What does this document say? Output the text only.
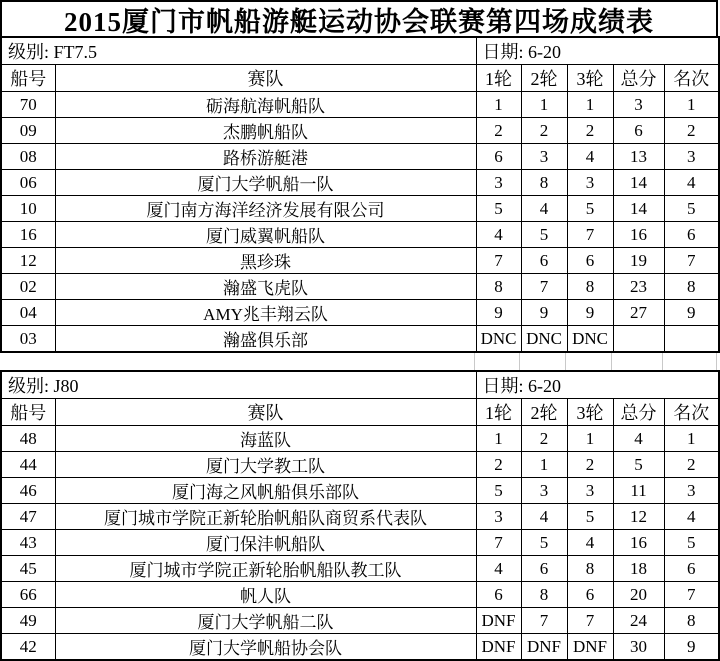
2015厦门市帆船游艇运动协会联赛第四场成绩表
级别: FT7.5		日期: 6-20				
船号	赛队	1轮	2轮	3轮	总分	名次
70	砺海航海帆船队	1	1	1	3	1
09	杰鹏帆船队	2	2	2	6	2
08	路桥游艇港	6	3	4	13	3
06	厦门大学帆船一队	3	8	3	14	4
10	厦门南方海洋经济发展有限公司	5	4	5	14	5
16	厦门威翼帆船队	4	5	7	16	6
12	黑珍珠	7	6	6	19	7
02	瀚盛飞虎队	8	7	8	23	8
04	AMY兆丰翔云队	9	9	9	27	9
03	瀚盛俱乐部	DNC	DNC	DNC		
级别: J80		日期: 6-20				
船号	赛队	1轮	2轮	3轮	总分	名次
48	海蓝队	1	2	1	4	1
44	厦门大学教工队	2	1	2	5	2
46	厦门海之风帆船俱乐部队	5	3	3	11	3
47	厦门城市学院正新轮胎帆船队商贸系代表队	3	4	5	12	4
43	厦门保沣帆船队	7	5	4	16	5
45	厦门城市学院正新轮胎帆船队教工队	4	6	8	18	6
66	帆人队	6	8	6	20	7
49	厦门大学帆船二队	DNF	7	7	24	8
42	厦门大学帆船协会队	DNF	DNF	DNF	30	9
